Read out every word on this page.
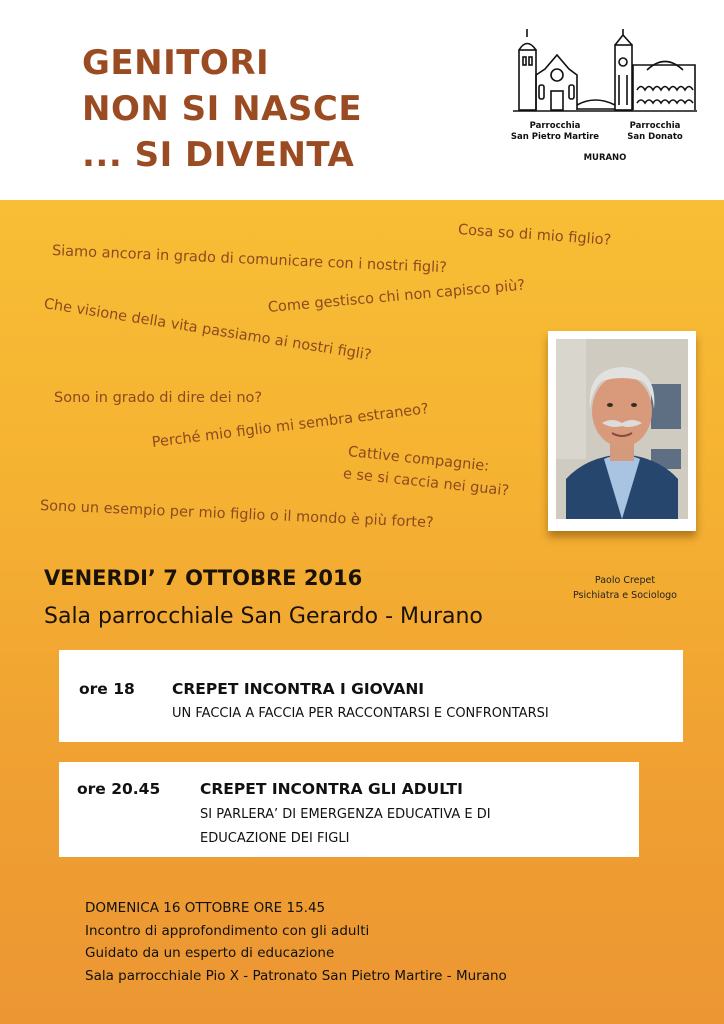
GENITORI
NON SI NASCE
... SI DIVENTA
Parrocchia
San Pietro Martire
Parrocchia
San Donato
MURANO
Cosa so di mio figlio?
Siamo ancora in grado di comunicare con i nostri figli?
Come gestisco chi non capisco più?
Che visione della vita passiamo ai nostri figli?
Sono in grado di dire dei no?
Perché mio figlio mi sembra estraneo?
Cattive compagnie:
e se si caccia nei guai?
Sono un esempio per mio figlio o il mondo è più forte?
Paolo Crepet
Psichiatra e Sociologo
VENERDI’ 7 OTTOBRE 2016
Sala parrocchiale San Gerardo - Murano
ore 18 CREPET INCONTRA I GIOVANI
UN FACCIA A FACCIA PER RACCONTARSI E CONFRONTARSI
ore 20.45	CREPET INCONTRA GLI ADULTI
SI PARLERA’ DI EMERGENZA EDUCATIVA E DI
EDUCAZIONE DEI FIGLI
DOMENICA 16 OTTOBRE ORE 15.45
Incontro di approfondimento con gli adulti
Guidato da un esperto di educazione
Sala parrocchiale Pio X - Patronato San Pietro Martire - Murano
